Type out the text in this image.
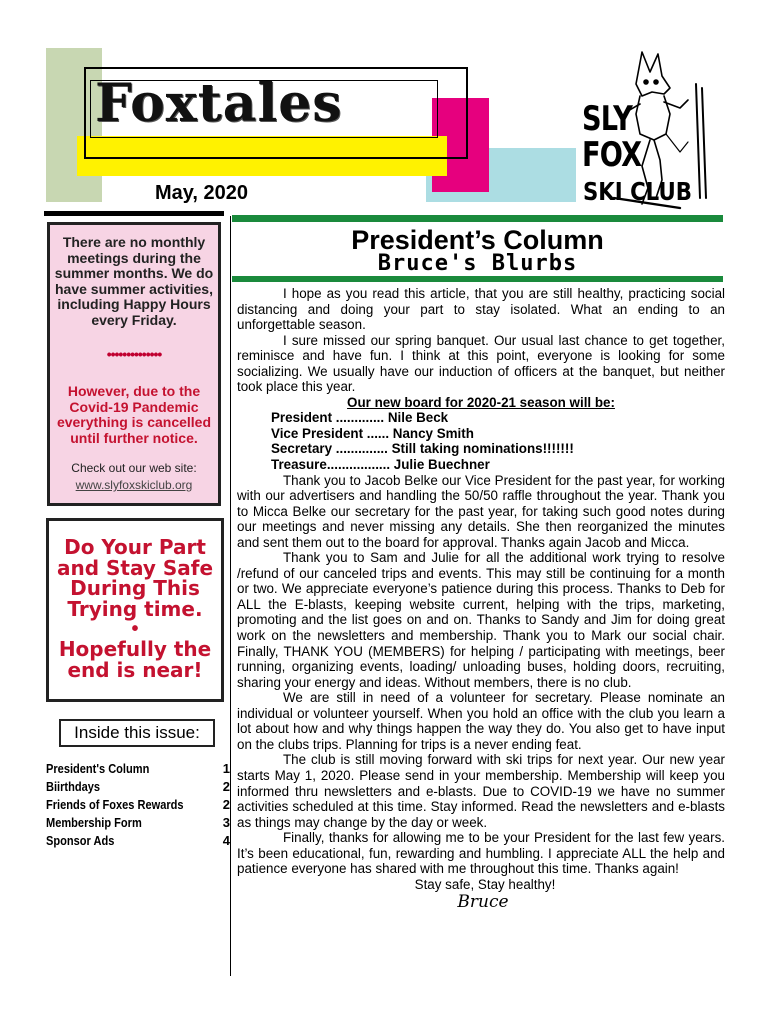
Foxtales
May, 2020
SLY
FOX
SKI CLUB
There are no monthly meetings during the summer months. We do have summer activities, including Happy Hours every Friday.
••••••••••••••
However, due to the Covid-19 Pandemic everything is cancelled until further notice.
Check out our web site:
www.slyfoxskiclub.org
Do Your Part
and Stay Safe
During This
Trying time.
•
Hopefully the
end is near!
Inside this issue:
President's Column	1
Biirthdays	2
Friends of Foxes Rewards	2
Membership Form	3
Sponsor Ads	4
President’s Column
Bruce's Blurbs

I hope as you read this article, that you are still healthy, practicing social distancing and doing your part to stay isolated. What an ending to an unforgettable season.

I sure missed our spring banquet. Our usual last chance to get together, reminisce and have fun. I think at this point, everyone is looking for some socializing. We usually have our induction of officers at the banquet, but neither took place this year.

Our new board for 2020-21 season will be:

President ............. Nile Beck

Vice President ...... Nancy Smith

Secretary .............. Still taking nominations!!!!!!!

Treasure................. Julie Buechner

Thank you to Jacob Belke our Vice President for the past year, for working with our advertisers and handling the 50/50 raffle throughout the year. Thank you to Micca Belke our secretary for the past year, for taking such good notes during our meetings and never missing any details. She then reorganized the minutes and sent them out to the board for approval. Thanks again Jacob and Micca.

Thank you to Sam and Julie for all the additional work trying to resolve /refund of our canceled trips and events. This may still be continuing for a month or two. We appreciate everyone’s patience during this process. Thanks to Deb for ALL the E-blasts, keeping website current, helping with the trips, marketing, promoting and the list goes on and on. Thanks to Sandy and Jim for doing great work on the newsletters and membership. Thank you to Mark our social chair. Finally, THANK YOU (MEMBERS) for helping / participating with meetings, beer running, organizing events, loading/ unloading buses, holding doors, recruiting, sharing your energy and ideas. Without members, there is no club.

We are still in need of a volunteer for secretary. Please nominate an individual or volunteer yourself. When you hold an office with the club you learn a lot about how and why things happen the way they do. You also get to have input on the clubs trips. Planning for trips is a never ending feat.

The club is still moving forward with ski trips for next year. Our new year starts May 1, 2020. Please send in your membership. Membership will keep you informed thru newsletters and e-blasts. Due to COVID-19 we have no summer activities scheduled at this time. Stay informed. Read the newsletters and e-blasts as things may change by the day or week.

Finally, thanks for allowing me to be your President for the last few years. It’s been educational, fun, rewarding and humbling. I appreciate ALL the help and patience everyone has shared with me throughout this time. Thanks again!

Stay safe, Stay healthy!

Bruce
